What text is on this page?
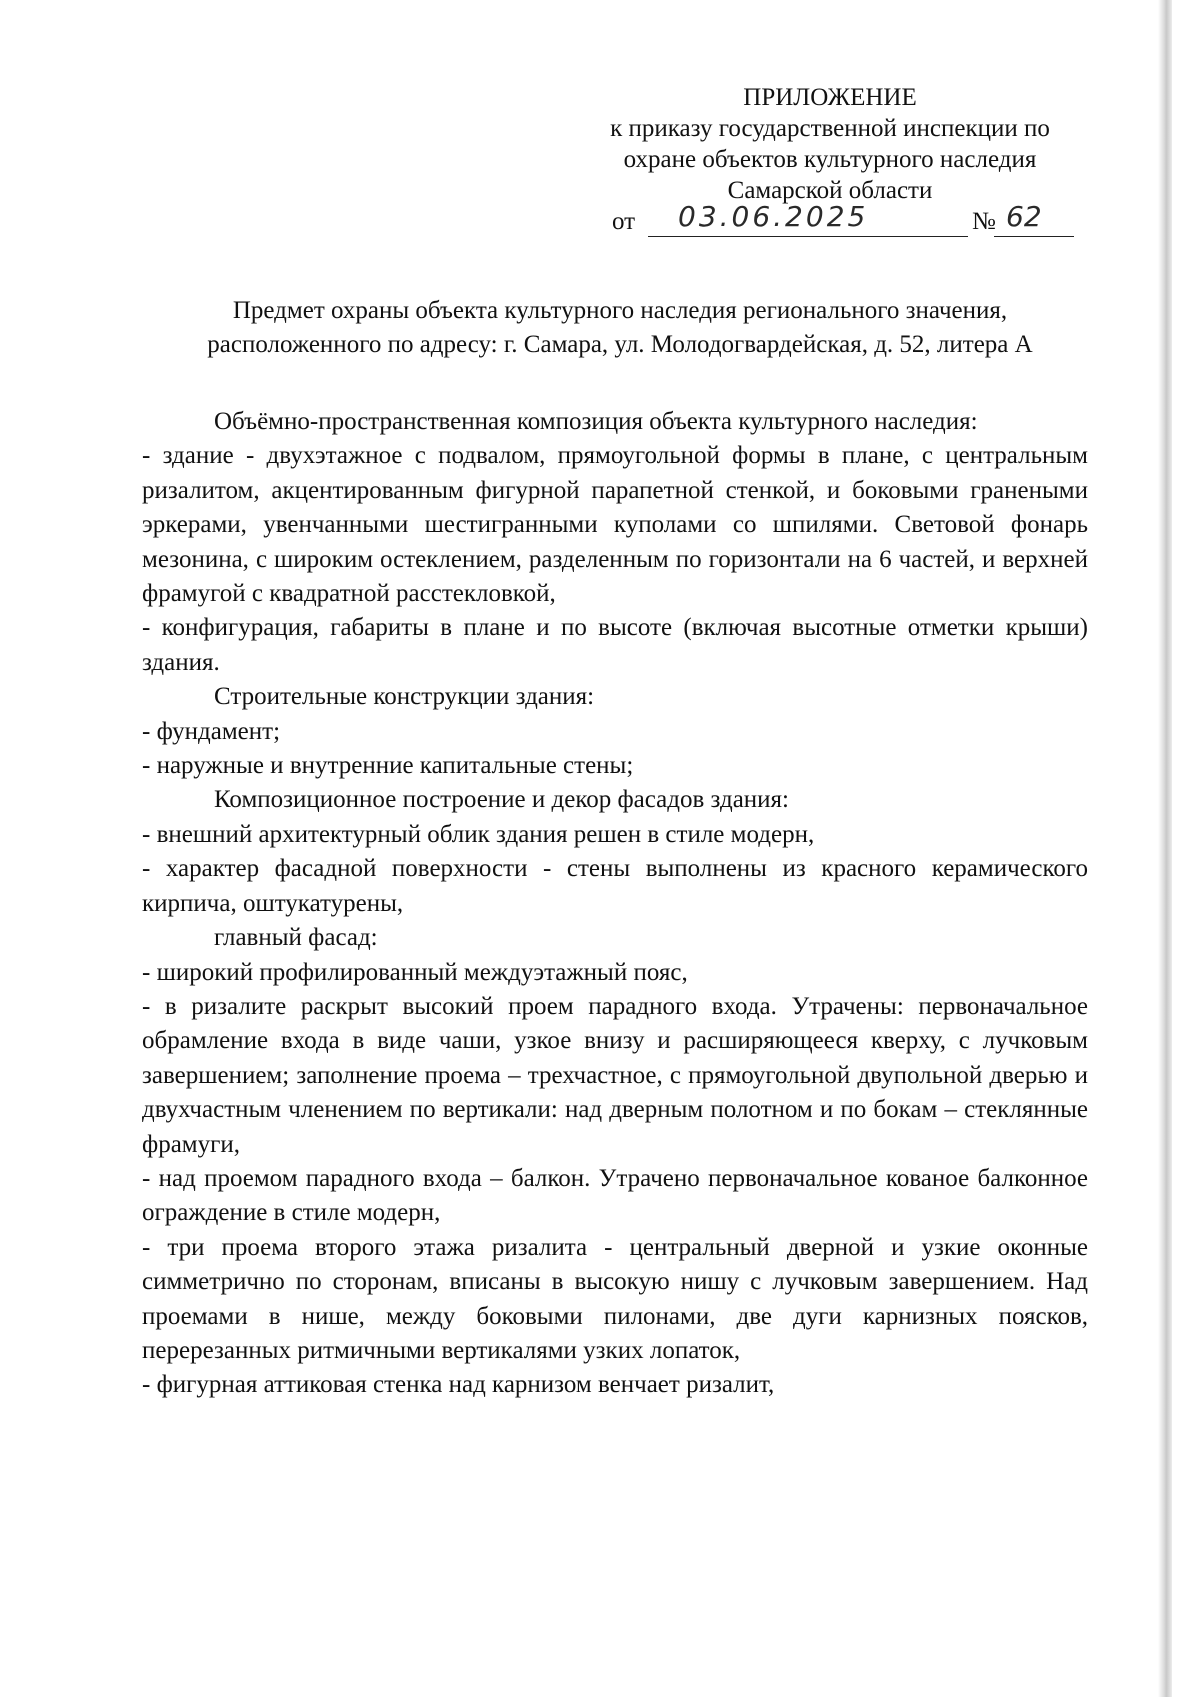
ПРИЛОЖЕНИЕ
к приказу государственной инспекции по
охране объектов культурного наследия
Самарской области
от 03.06.2025	№ 62
Предмет охраны объекта культурного наследия регионального значения,
расположенного по адресу: г. Самара, ул. Молодогвардейская, д. 52, литера А

Объёмно-пространственная композиция объекта культурного наследия:

- здание - двухэтажное с подвалом, прямоугольной формы в плане, с центральным ризалитом, акцентированным фигурной парапетной стенкой, и боковыми гранеными эркерами, увенчанными шестигранными куполами со шпилями. Световой фонарь мезонина, с широким остеклением, разделенным по горизонтали на 6 частей, и верхней фрамугой с квадратной расстекловкой,

- конфигурация, габариты в плане и по высоте (включая высотные отметки крыши) здания.

Строительные конструкции здания:

- фундамент;

- наружные и внутренние капитальные стены;

Композиционное построение и декор фасадов здания:

- внешний архитектурный облик здания решен в стиле модерн,

- характер фасадной поверхности - стены выполнены из красного керамического кирпича, оштукатурены,

главный фасад:

- широкий профилированный междуэтажный пояс,

- в ризалите раскрыт высокий проем парадного входа. Утрачены: первоначальное обрамление входа в виде чаши, узкое внизу и расширяющееся кверху, с лучковым завершением; заполнение проема – трехчастное, с прямоугольной двупольной дверью и двухчастным членением по вертикали: над дверным полотном и по бокам – стеклянные фрамуги,

- над проемом парадного входа – балкон. Утрачено первоначальное кованое балконное ограждение в стиле модерн,

- три проема второго этажа ризалита - центральный дверной и узкие оконные симметрично по сторонам, вписаны в высокую нишу с лучковым завершением. Над проемами в нише, между боковыми пилонами, две дуги карнизных поясков, перерезанных ритмичными вертикалями узких лопаток,

- фигурная аттиковая стенка над карнизом венчает ризалит,
